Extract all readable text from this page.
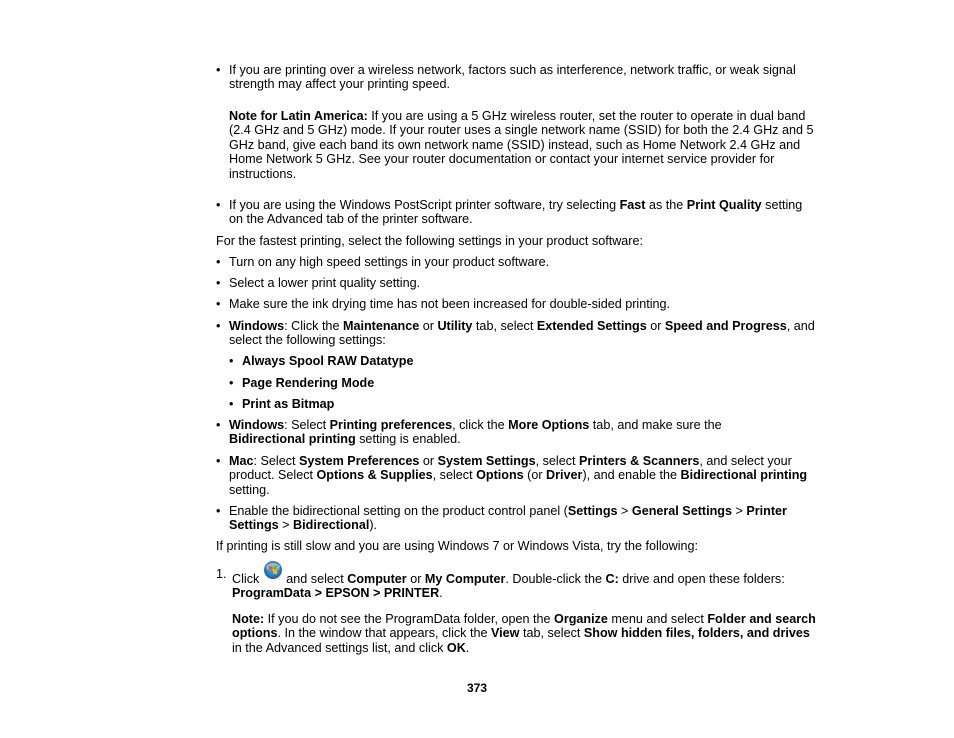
• If you are printing over a wireless network, factors such as interference, network traffic, or weak signal strength may affect your printing speed.

Note for Latin America: If you are using a 5 GHz wireless router, set the router to operate in dual band (2.4 GHz and 5 GHz) mode. If your router uses a single network name (SSID) for both the 2.4 GHz and 5 GHz band, give each band its own network name (SSID) instead, such as Home Network 2.4 GHz and Home Network 5 GHz. See your router documentation or contact your internet service provider for instructions.

• If you are using the Windows PostScript printer software, try selecting Fast as the Print Quality setting on the Advanced tab of the printer software.

For the fastest printing, select the following settings in your product software:

• Turn on any high speed settings in your product software.

• Select a lower print quality setting.

• Make sure the ink drying time has not been increased for double-sided printing.

• Windows: Click the Maintenance or Utility tab, select Extended Settings or Speed and Progress, and select the following settings:

• Always Spool RAW Datatype

• Page Rendering Mode

• Print as Bitmap

• Windows: Select Printing preferences, click the More Options tab, and make sure the Bidirectional printing setting is enabled.

• Mac: Select System Preferences or System Settings, select Printers & Scanners, and select your product. Select Options & Supplies, select Options (or Driver), and enable the Bidirectional printing setting.

• Enable the bidirectional setting on the product control panel (Settings > General Settings > Printer Settings > Bidirectional).

If printing is still slow and you are using Windows 7 or Windows Vista, try the following:

1. Click
and select Computer or My Computer. Double-click the C: drive and open these folders: ProgramData > EPSON > PRINTER.

Note: If you do not see the ProgramData folder, open the Organize menu and select Folder and search options. In the window that appears, click the View tab, select Show hidden files, folders, and drives in the Advanced settings list, and click OK.

373
